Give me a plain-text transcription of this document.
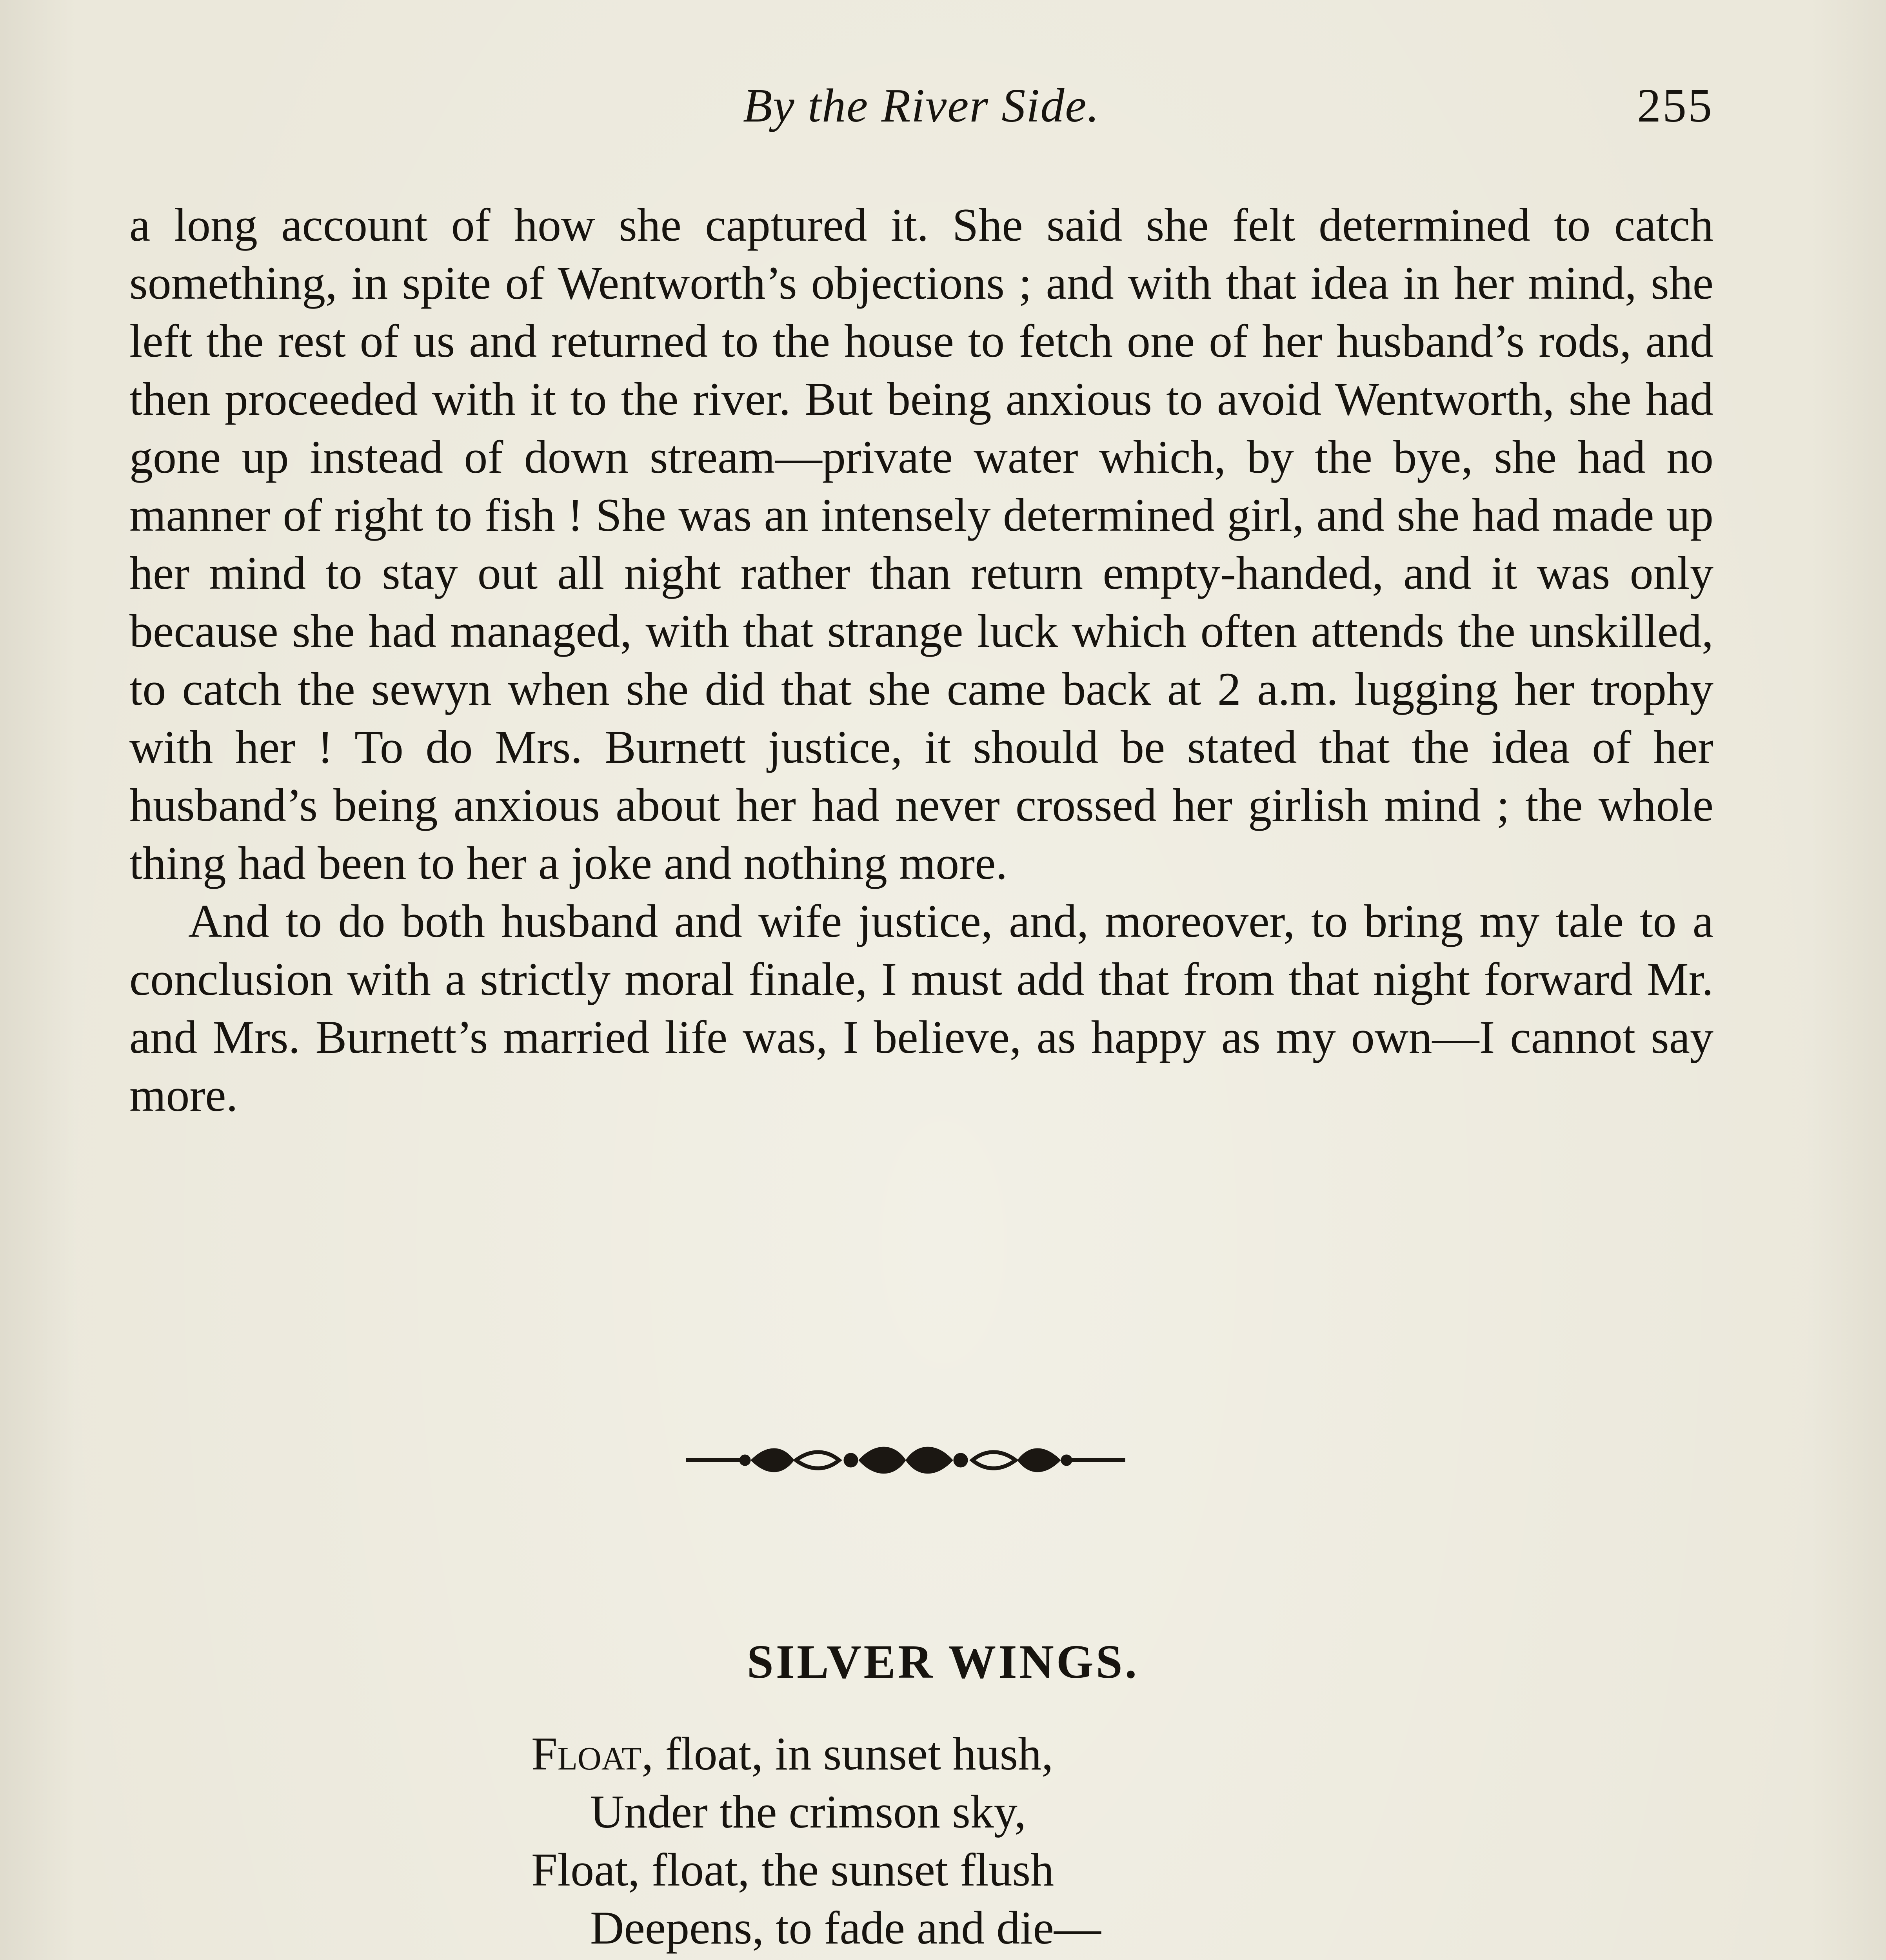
By the River Side.	255

a long account of how she captured it. She said she felt determined to catch something, in spite of Wentworth’s objections ; and with that idea in her mind, she left the rest of us and returned to the house to fetch one of her husband’s rods, and then proceeded with it to the river. But being anxious to avoid Wentworth, she had gone up instead of down stream—private water which, by the bye, she had no manner of right to fish ! She was an intensely determined girl, and she had made up her mind to stay out all night rather than return empty-handed, and it was only because she had managed, with that strange luck which often attends the unskilled, to catch the sewyn when she did that she came back at 2 a.m. lugging her trophy with her ! To do Mrs. Burnett justice, it should be stated that the idea of her husband’s being anxious about her had never crossed her girlish mind ; the whole thing had been to her a joke and nothing more.

And to do both husband and wife justice, and, moreover, to bring my tale to a conclusion with a strictly moral finale, I must add that from that night forward Mr. and Mrs. Burnett’s married life was, I believe, as happy as my own—I cannot say more.

SILVER WINGS.
Float, float, in sunset hush,
Under the crimson sky,
Float, float, the sunset flush
Deepens, to fade and die—
